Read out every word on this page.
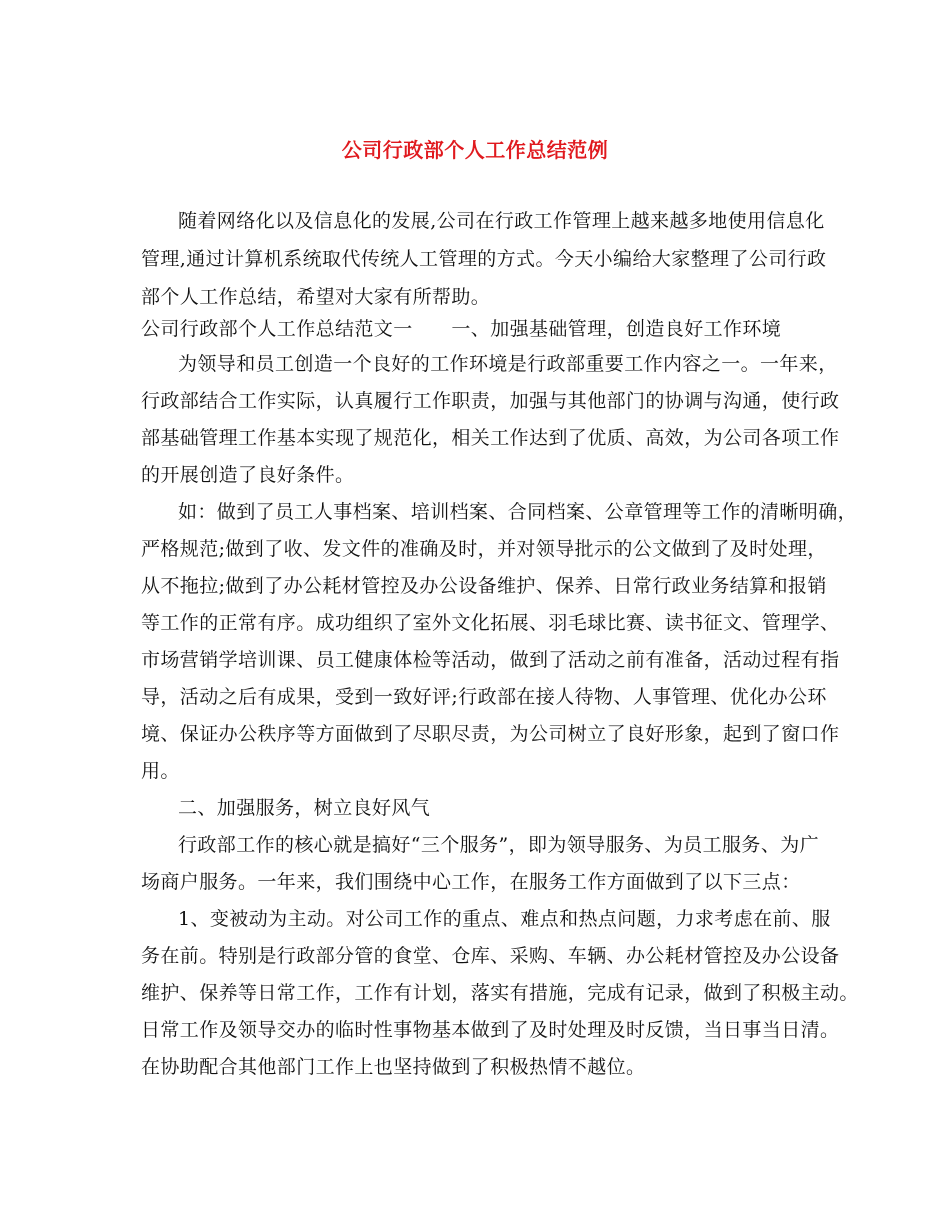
公司行政部个人工作总结范例
随着网络化以及信息化的发展,公司在行政工作管理上越来越多地使用信息化
管理,通过计算机系统取代传统人工管理的方式。今天小编给大家整理了公司行政
部个人工作总结，希望对大家有所帮助。
公司行政部个人工作总结范文一　　一、加强基础管理，创造良好工作环境
为领导和员工创造一个良好的工作环境是行政部重要工作内容之一。一年来，
行政部结合工作实际，认真履行工作职责，加强与其他部门的协调与沟通，使行政
部基础管理工作基本实现了规范化，相关工作达到了优质、高效，为公司各项工作
的开展创造了良好条件。
如：做到了员工人事档案、培训档案、合同档案、公章管理等工作的清晰明确，
严格规范;做到了收、发文件的准确及时，并对领导批示的公文做到了及时处理，
从不拖拉;做到了办公耗材管控及办公设备维护、保养、日常行政业务结算和报销
等工作的正常有序。成功组织了室外文化拓展、羽毛球比赛、读书征文、管理学、
市场营销学培训课、员工健康体检等活动，做到了活动之前有准备，活动过程有指
导，活动之后有成果，受到一致好评;行政部在接人待物、人事管理、优化办公环
境、保证办公秩序等方面做到了尽职尽责，为公司树立了良好形象，起到了窗口作
用。
二、加强服务，树立良好风气
行政部工作的核心就是搞好“三个服务”，即为领导服务、为员工服务、为广
场商户服务。一年来，我们围绕中心工作，在服务工作方面做到了以下三点：
1、变被动为主动。对公司工作的重点、难点和热点问题，力求考虑在前、服
务在前。特别是行政部分管的食堂、仓库、采购、车辆、办公耗材管控及办公设备
维护、保养等日常工作，工作有计划，落实有措施，完成有记录，做到了积极主动。
日常工作及领导交办的临时性事物基本做到了及时处理及时反馈，当日事当日清。
在协助配合其他部门工作上也坚持做到了积极热情不越位。
